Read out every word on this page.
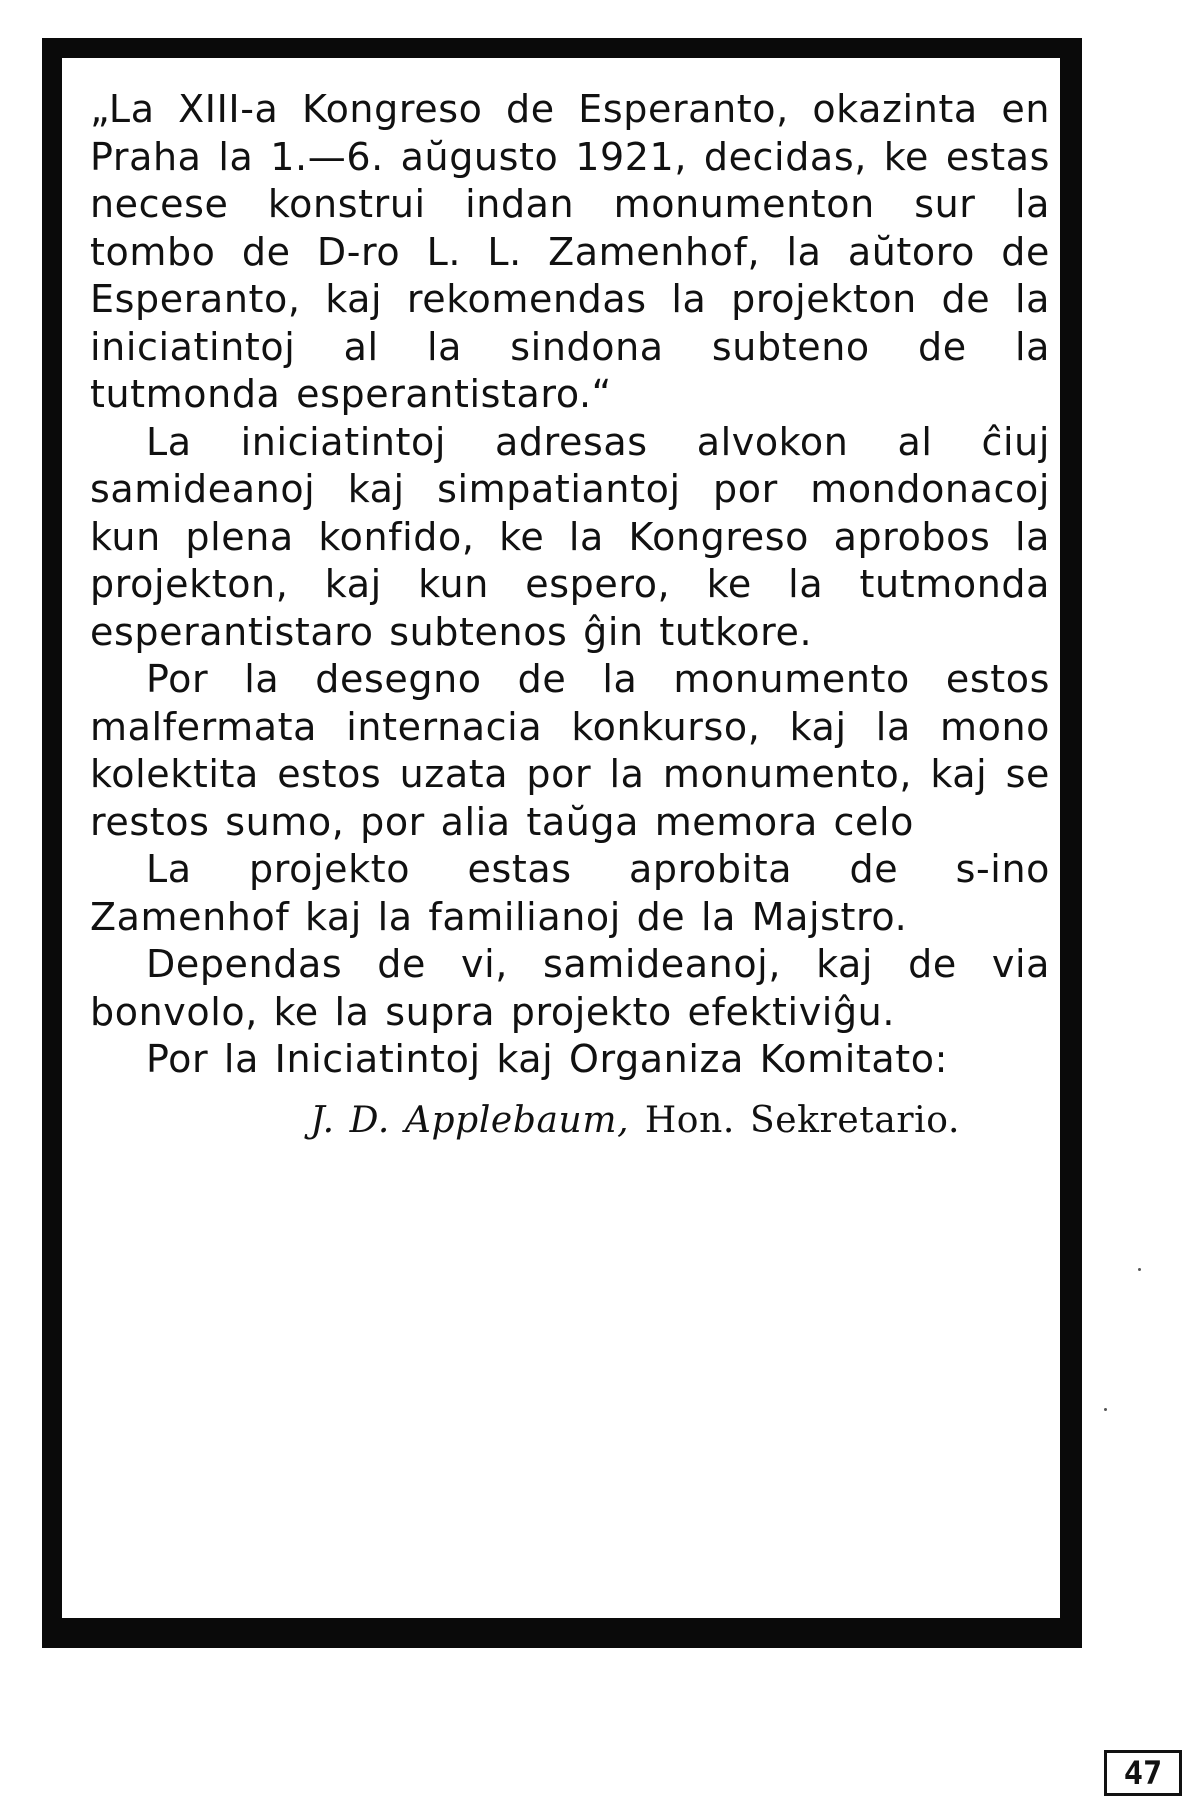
„La XIII-a Kongreso de Esperanto, okazinta en Praha la 1.—6. aŭgusto 1921, decidas, ke estas necese konstrui indan monumenton sur la tombo de D-ro L. L. Zamenhof, la aŭtoro de Esperanto, kaj rekomendas la projekton de la iniciatintoj al la sindona subteno de la tutmonda esperantistaro.“

La iniciatintoj adresas alvokon al ĉiuj samideanoj kaj simpatiantoj por mondonacoj kun plena konfido, ke la Kongreso aprobos la projekton, kaj kun espero, ke la tutmonda esperantistaro subtenos ĝin tutkore.

Por la desegno de la monumento estos malfermata internacia konkurso, kaj la mono kolektita estos uzata por la monumento, kaj se restos sumo, por alia taŭga memora celo

La projekto estas aprobita de s-ino Zamenhof kaj la familianoj de la Majstro.

Dependas de vi, samideanoj, kaj de via bonvolo, ke la supra projekto efektiviĝu.

Por la Iniciatintoj kaj Organiza Komitato:

J. D. Applebaum, Hon. Sekretario.
47
